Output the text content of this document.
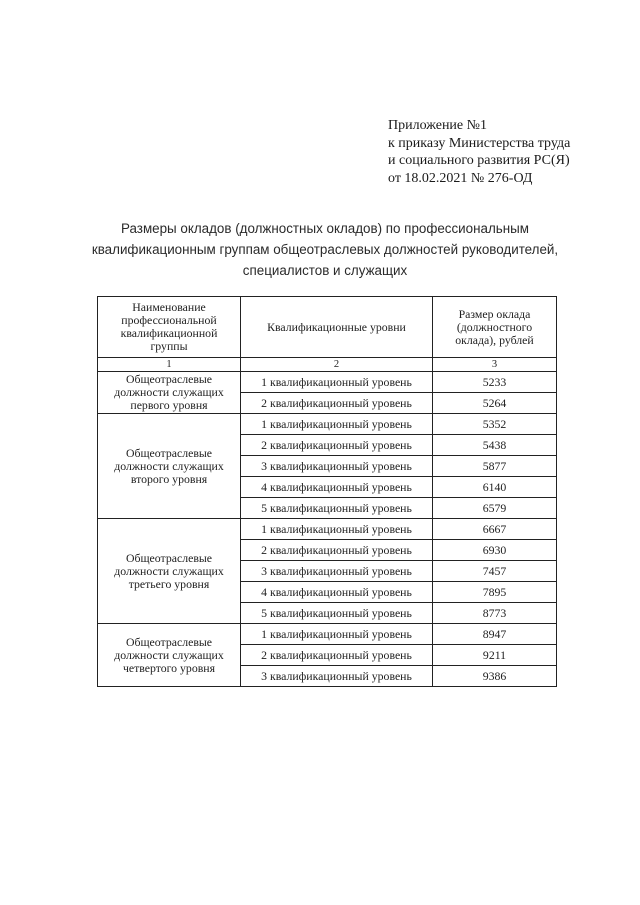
Приложение №1
к приказу Министерства труда
и социального развития РС(Я)
от 18.02.2021 № 276-ОД
Размеры окладов (должностных окладов) по профессиональным
квалификационным группам общеотраслевых должностей руководителей,
специалистов и служащих
Наименование профессиональной квалификационной группы	Квалификационные уровни	Размер оклада (должностного оклада), рублей
1	2	3
Общеотраслевые должности служащих первого уровня	1 квалификационный уровень	5233
	2 квалификационный уровень	5264
Общеотраслевые должности служащих второго уровня	1 квалификационный уровень	5352
	2 квалификационный уровень	5438
	3 квалификационный уровень	5877
	4 квалификационный уровень	6140
	5 квалификационный уровень	6579
Общеотраслевые должности служащих третьего уровня	1 квалификационный уровень	6667
	2 квалификационный уровень	6930
	3 квалификационный уровень	7457
	4 квалификационный уровень	7895
	5 квалификационный уровень	8773
Общеотраслевые должности служащих четвертого уровня	1 квалификационный уровень	8947
	2 квалификационный уровень	9211
	3 квалификационный уровень	9386
